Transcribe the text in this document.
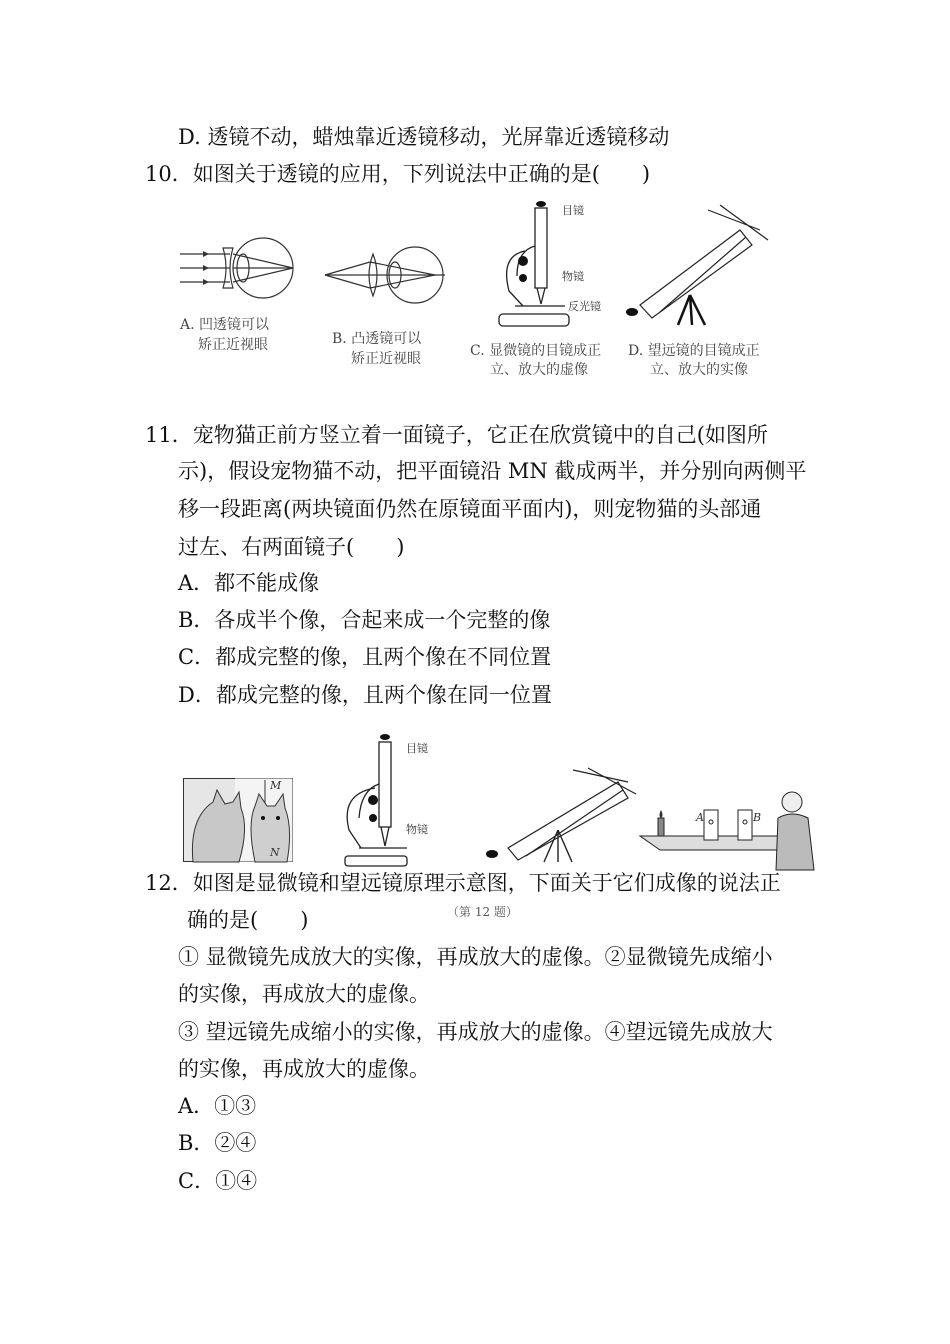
D. 透镜不动，蜡烛靠近透镜移动，光屏靠近透镜移动
10．如图关于透镜的应用，下列说法中正确的是(　　)
A. 凹透镜可以
矫正近视眼	B. 凸透镜可以
矫正近视眼
目镜
物镜
反光镜
C. 显微镜的目镜成正
立、放大的虚像
D. 望远镜的目镜成正
立、放大的实像
11．宠物猫正前方竖立着一面镜子，它正在欣赏镜中的自己(如图所
示)，假设宠物猫不动，把平面镜沿 MN 截成两半，并分别向两侧平
移一段距离(两块镜面仍然在原镜面平面内)，则宠物猫的头部通
过左、右两面镜子(　　)
A．都不能成像
B．各成半个像，合起来成一个完整的像
C．都成完整的像，且两个像在不同位置
D．都成完整的像，且两个像在同一位置
M
N
目镜
物镜
A	B
12．如图是显微镜和望远镜原理示意图，下面关于它们成像的说法正
确的是(　　)	（第 12 题）
① 显微镜先成放大的实像，再成放大的虚像。②显微镜先成缩小
的实像，再成放大的虚像。
③ 望远镜先成缩小的实像，再成放大的虚像。④望远镜先成放大
的实像，再成放大的虚像。
A．①③
B．②④
C．①④
